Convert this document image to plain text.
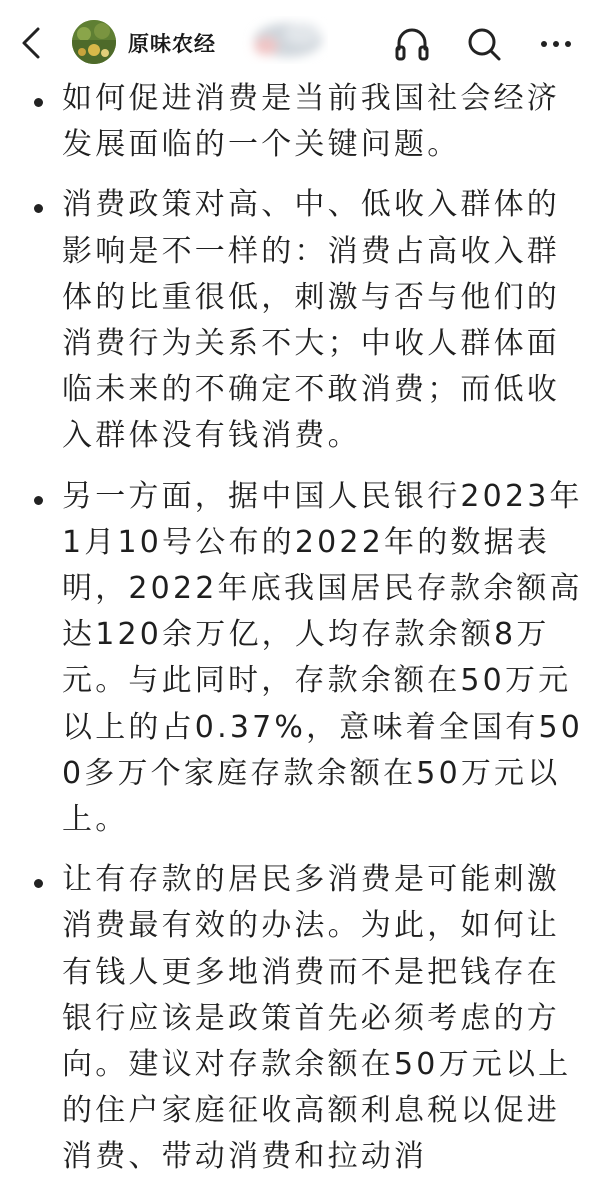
原味农经
如何促进消费是当前我国社会经济发展面临的一个关键问题。
消费政策对高、中、低收入群体的影响是不一样的：消费占高收入群体的比重很低，刺激与否与他们的消费行为关系不大；中收人群体面临未来的不确定不敢消费；而低收入群体没有钱消费。
另一方面，据中国人民银行2023年1月10号公布的2022年的数据表明，2022年底我国居民存款余额高达120余万亿，人均存款余额8万元。与此同时，存款余额在50万元以上的占0.37%，意味着全国有500多万个家庭存款余额在50万元以上。
让有存款的居民多消费是可能刺激消费最有效的办法。为此，如何让有钱人更多地消费而不是把钱存在银行应该是政策首先必须考虑的方向。建议对存款余额在50万元以上的住户家庭征收高额利息税以促进消费、带动消费和拉动消
